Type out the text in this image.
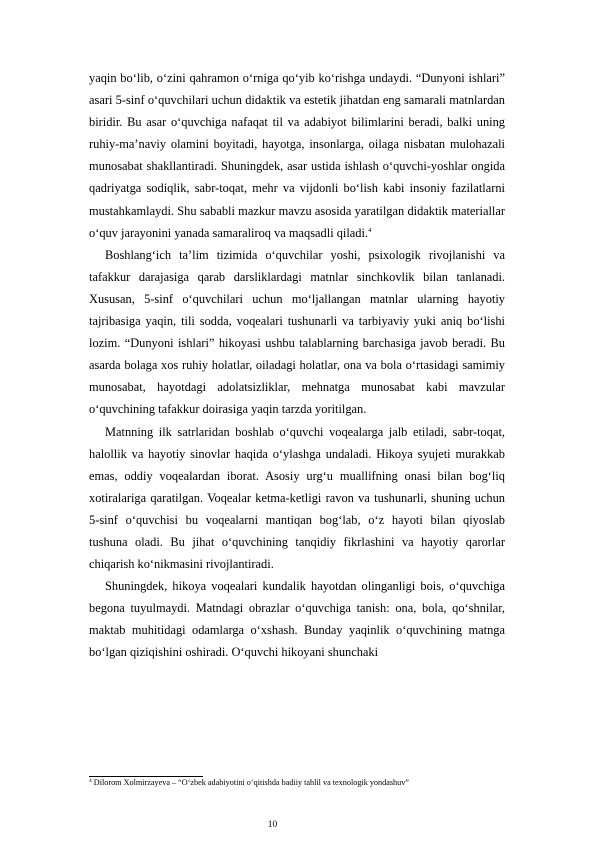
yaqin bo‘lib, o‘zini qahramon o‘rniga qo‘yib ko‘rishga undaydi. “Dunyoni ishlari” asari 5-sinf o‘quvchilari uchun didaktik va estetik jihatdan eng samarali matnlardan biridir. Bu asar o‘quvchiga nafaqat til va adabiyot bilimlarini beradi, balki uning ruhiy-ma’naviy olamini boyitadi, hayotga, insonlarga, oilaga nisbatan mulohazali munosabat shakllantiradi. Shuningdek, asar ustida ishlash o‘quvchi-yoshlar ongida qadriyatga sodiqlik, sabr-toqat, mehr va vijdonli bo‘lish kabi insoniy fazilatlarni mustahkamlaydi. Shu sababli mazkur mavzu asosida yaratilgan didaktik materiallar o‘quv jarayonini yanada samaraliroq va maqsadli qiladi.$^4$

Boshlang‘ich ta’lim tizimida o‘quvchilar yoshi, psixologik rivojlanishi va tafakkur darajasiga qarab darsliklardagi matnlar sinchkovlik bilan tanlanadi. Xususan, 5-sinf o‘quvchilari uchun mo‘ljallangan matnlar ularning hayotiy tajribasiga yaqin, tili sodda, voqealari tushunarli va tarbiyaviy yuki aniq bo‘lishi lozim. “Dunyoni ishlari” hikoyasi ushbu talablarning barchasiga javob beradi. Bu asarda bolaga xos ruhiy holatlar, oiladagi holatlar, ona va bola o‘rtasidagi samimiy munosabat, hayotdagi adolatsizliklar, mehnatga munosabat kabi mavzular o‘quvchining tafakkur doirasiga yaqin tarzda yoritilgan.

Matnning ilk satrlaridan boshlab o‘quvchi voqealarga jalb etiladi, sabr-toqat, halollik va hayotiy sinovlar haqida o‘ylashga undaladi. Hikoya syujeti murakkab emas, oddiy voqealardan iborat. Asosiy urg‘u muallifning onasi bilan bog‘liq xotiralariga qaratilgan. Voqealar ketma-ketligi ravon va tushunarli, shuning uchun 5-sinf o‘quvchisi bu voqealarni mantiqan bog‘lab, o‘z hayoti bilan qiyoslab tushuna oladi. Bu jihat o‘quvchining tanqidiy fikrlashini va hayotiy qarorlar chiqarish ko‘nikmasini rivojlantiradi.

Shuningdek, hikoya voqealari kundalik hayotdan olinganligi bois, o‘quvchiga begona tuyulmaydi. Matndagi obrazlar o‘quvchiga tanish: ona, bola, qo‘shnilar, maktab muhitidagi odamlarga o‘xshash. Bunday yaqinlik o‘quvchining matnga bo‘lgan qiziqishini oshiradi. O‘quvchi hikoyani shunchaki

$^4$ Dilorom Xolmirzayeva – “O‘zbek adabiyotini o‘qitishda badiiy tahlil va texnologik yondashuv”
10
